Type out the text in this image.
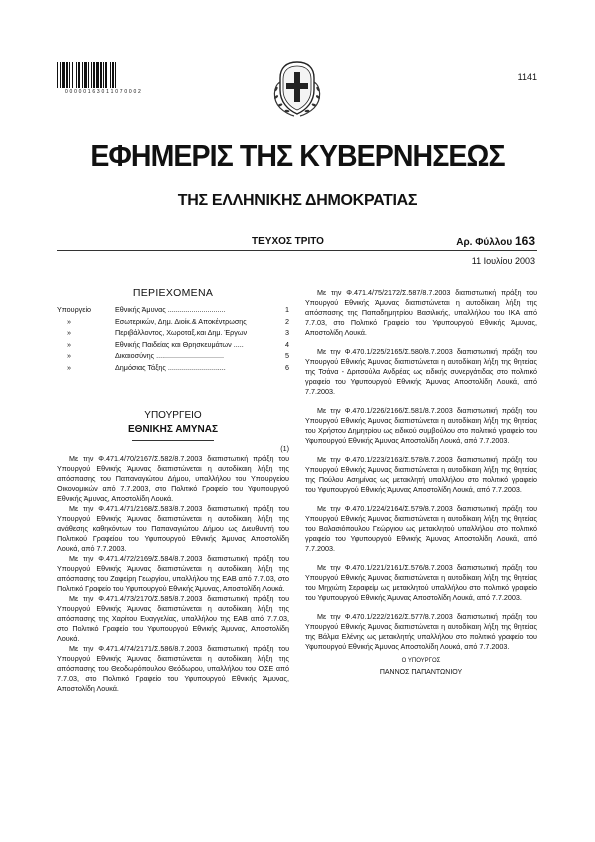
0 0 0 0 0 1 6 3 0 1 1 0 7 0 0 0 2
1141
ΕΦΗΜΕΡΙΣ ΤΗΣ ΚΥΒΕΡΝΗΣΕΩΣ
ΤΗΣ ΕΛΛΗΝΙΚΗΣ ΔΗΜΟΚΡΑΤΙΑΣ
ΤΕΥΧΟΣ ΤΡΙΤΟ	Αρ. Φύλλου 163
11 Ιουλίου 2003
ΠΕΡΙΕΧΟΜΕΝΑ
Υπουργείο	Εθνικής Άμυνας .............................	1
»	Εσωτερικών, Δημ. Διοίκ.& Αποκέντρωσης	2
»	Περιβάλλοντος, Χωροταξ.και Δημ. Έργων	3
»	Εθνικής Παιδείας και Θρησκευμάτων .....	4
»	Δικαιοσύνης ..................................	5
»	Δημόσιας Τάξης .............................	6
ΥΠΟΥΡΓΕΙΟ
ΕΘΝΙΚΗΣ ΑΜΥΝΑΣ
(1)

Με την Φ.471.4/70/2167/Σ.582/8.7.2003 διαπιστωτική πράξη του Υπουργού Εθνικής Άμυνας διαπιστώνεται η αυτοδίκαιη λήξη της απόσπασης του Παπαναγιώτου Δήμου, υπαλλήλου του Υπουργείου Οικονομικών από 7.7.2003, στο Πολιτικό Γραφείο του Υφυπουργού Εθνικής Άμυνας, Αποστολίδη Λουκά.

Με την Φ.471.4/71/2168/Σ.583/8.7.2003 διαπιστωτική πράξη του Υπουργού Εθνικής Άμυνας διαπιστώνεται η αυτοδίκαιη λήξη της ανάθεσης καθηκόντων του Παπαναγιώτου Δήμου ως Διευθυντή του Πολιτικού Γραφείου του Υφυπουργού Εθνικής Άμυνας Αποστολίδη Λουκά, από 7.7.2003.

Με την Φ.471.4/72/2169/Σ.584/8.7.2003 διαπιστωτική πράξη του Υπουργού Εθνικής Άμυνας διαπιστώνεται η αυτοδίκαιη λήξη της απόσπασης του Ζαφείρη Γεωργίου, υπαλλήλου της ΕΑΒ από 7.7.03, στο Πολιτικό Γραφείο του Υφυπουργού Εθνικής Άμυνας, Αποστολίδη Λουκά.

Με την Φ.471.4/73/2170/Σ.585/8.7.2003 διαπιστωτική πράξη του Υπουργού Εθνικής Άμυνας διαπιστώνεται η αυτοδίκαιη λήξη της απόσπασης της Χαρίτου Ευαγγελίας, υπαλλήλου της ΕΑΒ από 7.7.03, στο Πολιτικό Γραφείο του Υφυπουργού Εθνικής Άμυνας, Αποστολίδη Λουκά.

Με την Φ.471.4/74/2171/Σ.586/8.7.2003 διαπιστωτική πράξη του Υπουργού Εθνικής Άμυνας διαπιστώνεται η αυτοδίκαιη λήξη της απόσπασης του Θεοδωρόπουλου Θεόδωρου, υπαλλήλου του ΟΣΕ από 7.7.03, στο Πολιτικό Γραφείο του Υφυπουργού Εθνικής Άμυνας, Αποστολίδη Λουκά.

Με την Φ.471.4/75/2172/Σ.587/8.7.2003 διαπιστωτική πράξη του Υπουργού Εθνικής Άμυνας διαπιστώνεται η αυτοδίκαιη λήξη της απόσπασης της Παπαδημητρίου Βασιλικής, υπαλλήλου του ΙΚΑ από 7.7.03, στο Πολιτικό Γραφείο του Υφυπουργού Εθνικής Άμυνας, Αποστολίδη Λουκά.

Με την Φ.470.1/225/2165/Σ.580/8.7.2003 διαπιστωτική πράξη του Υπουργού Εθνικής Άμυνας διαπιστώνεται η αυτοδίκαιη λήξη της θητείας της Τσάνα - Δριτσούλα Ανδρέας ως ειδικής συνεργάτιδας στο πολιτικό γραφείο του Υφυπουργού Εθνικής Άμυνας Αποστολίδη Λουκά, από 7.7.2003.

Με την Φ.470.1/226/2166/Σ.581/8.7.2003 διαπιστωτική πράξη του Υπουργού Εθνικής Άμυνας διαπιστώνεται η αυτοδίκαιη λήξη της θητείας του Χρήστου Δημητρίου ως ειδικού συμβούλου στο πολιτικό γραφείο του Υφυπουργού Εθνικής Άμυνας Αποστολίδη Λουκά, από 7.7.2003.

Με την Φ.470.1/223/2163/Σ.578/8.7.2003 διαπιστωτική πράξη του Υπουργού Εθνικής Άμυνας διαπιστώνεται η αυτοδίκαιη λήξη της θητείας της Πούλου Ασημίνας ως μετακλητή υπαλλήλου στο πολιτικό γραφείο του Υφυπουργού Εθνικής Άμυνας Αποστολίδη Λουκά, από 7.7.2003.

Με την Φ.470.1/224/2164/Σ.579/8.7.2003 διαπιστωτική πράξη του Υπουργού Εθνικής Άμυνας διαπιστώνεται η αυτοδίκαιη λήξη της θητείας του Βαλασιόπουλου Γεώργιου ως μετακλητού υπαλλήλου στο πολιτικό γραφείο του Υφυπουργού Εθνικής Άμυνας Αποστολίδη Λουκά, από 7.7.2003.

Με την Φ.470.1/221/2161/Σ.576/8.7.2003 διαπιστωτική πράξη του Υπουργού Εθνικής Άμυνας διαπιστώνεται η αυτοδίκαιη λήξη της θητείας του Μηχιώτη Σεραφείμ ως μετακλητού υπαλλήλου στο πολιτικό γραφείο του Υφυπουργού Εθνικής Άμυνας Αποστολίδη Λουκά, από 7.7.2003.

Με την Φ.470.1/222/2162/Σ.577/8.7.2003 διαπιστωτική πράξη του Υπουργού Εθνικής Άμυνας διαπιστώνεται η αυτοδίκαιη λήξη της θητείας της Βάλμα Ελένης ως μετακλητής υπαλλήλου στο πολιτικό γραφείο του Υφυπουργού Εθνικής Άμυνας Αποστολίδη Λουκά, από 7.7.2003.

Ο ΥΠΟΥΡΓΟΣ
ΠΑΝΝΟΣ ΠΑΠΑΝΤΩΝΙΟΥ
